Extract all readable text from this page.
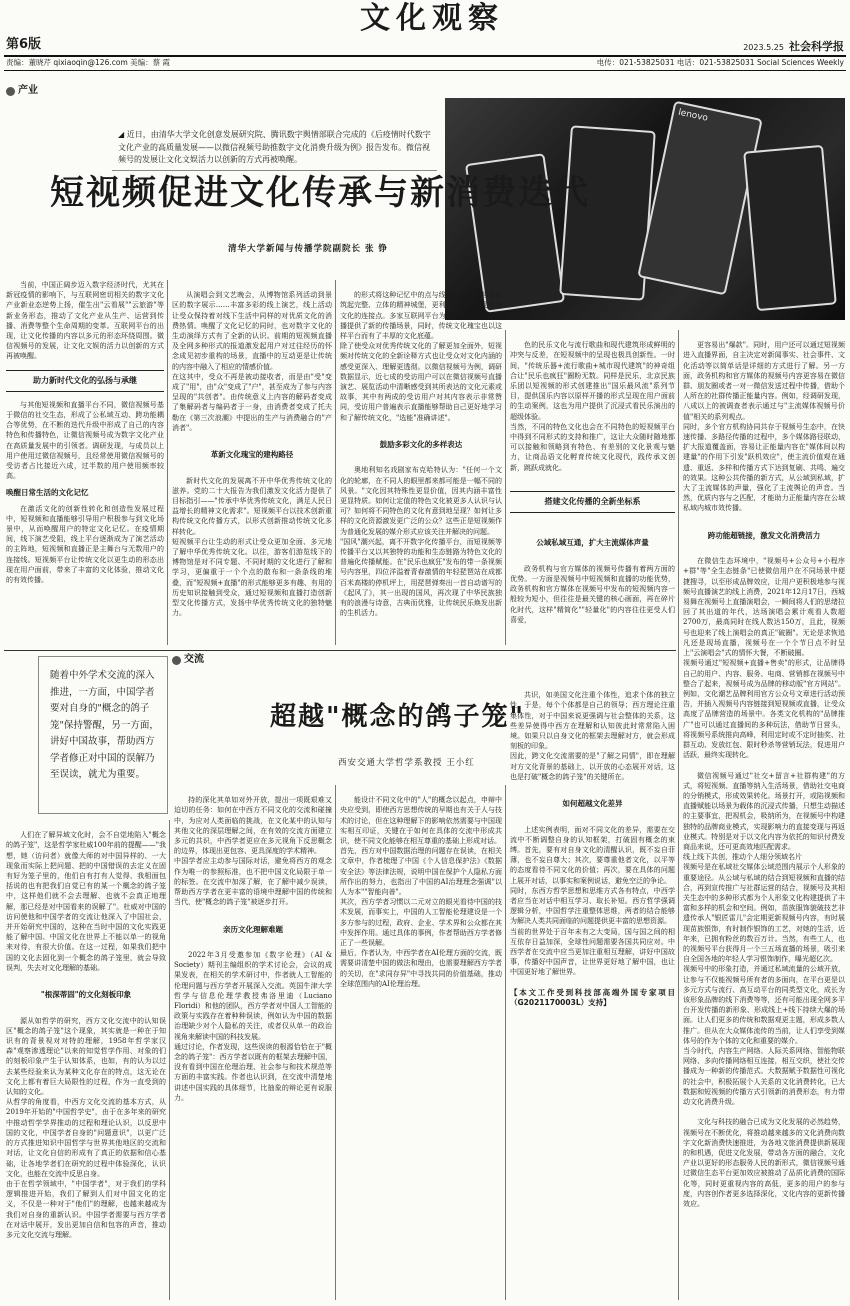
第6版
文化观察
2023.5.25 社会科学报
责编：董晓芹 qixiaoqin@126.com 美编：蔡 霞	电传：021-53825031 电话：021-53825031 Social Sciences Weekly
产业
◢ 近日，由清华大学文化创意发展研究院、腾讯数字舆情部联合完成的《后疫情时代数字文化产业的高质量发展——以微信视频号助推数字文化消费升级为例》报告发布。微信视频号的发展让文化文娱活力以创新的方式再被唤醒。
lenovo
短视频促进文化传承与新消费迭代
清华大学新闻与传播学院副院长 张 铮

当前，中国正阔步迈入数字经济时代，尤其在新冠疫情的影响下，与互联网密切相关的数字文化产业新业态逆势上扬，催生出"云看展""云旅游"等新业务形态，推动了文化产业从生产、运营到传播、消费等整个生命周期的变革。互联网平台的出现，让文化传播的内容以多元的形态环绕周围。微信视频号的发展，让文化文娱的活力以创新的方式再被唤醒。

助力新时代文化的弘扬与承继

与其他短视频和直播平台不同，微信视频号基于微信的社交生态，形成了公私域互动、跨功能耦合等优势，在不断的迭代升级中形成了自己的内容特色和传播特色，让微信视频号成为数字文化产业在高质量发展中的引领者。调研发现，与成员以上用户使用过微信视频号，且经常使用微信视频号的受访者占比接近六成，过半数的用户使用频率较高。

唤醒日常生活的文化记忆

在激活文化的创新性转化和创造性发展过程中，短视频和直播能够引导用户积极参与到文化场景中，从而唤醒用户的特定文化记忆。在疫情期间，线下演艺受阻，线上平台逐渐成为了演艺活动的主阵地，短视频和直播正是主舞台与无数用户的连接线。短视频平台让传统文化以更生动的形态出现在用户面前，带来了丰富的文化体验，推动文化的有效传播。

从演唱会到文艺晚会，从博物馆系列活动到景区的数字展示……丰富多彩的线上演艺，线上活动让受众保持着对线下生活中同样的对优质文化的消费热情。唤醒了文化记忆的同时，也对数字文化的生动演绎方式有了全新的认识。前期的短视频直播及全网多种形式的报道激发起用户对过往经历的怀念成见初步重构的场景，直播中的互动更是让传统的内容中融入了相应的情感价值。
在这其中，受众不再是被动接收者，而是由"受"变成了"用"，由"众"变成了"户"，甚至成为了参与内容呈现的"共创者"。由传统意义上内容的解码者变成了集解码者与编码者于一身，由消费者变成了托夫勒在《第三次浪潮》中提出的生产与消费融合的"产消者"。

革新文化瑰宝的建构路径

新时代文化的发展离不开中华优秀传统文化的滋养。党的二十大报告为我们激发文化活力提供了目标指引——"传承中华优秀传统文化，满足人民日益增长的精神文化需求"。短视频平台以技术创新重构传统文化传播方式，以形式创新推动传统文化多样转化。
短视频平台让生动的形式让受众更加全面、多元地了解中华优秀传统文化。以往，游客们游览线下的博物馆是对不同专题、不同时期的文化进行了解和学习，更偏重于一个个点的散布和一条条线的堆叠，而"短视频+直播"的形式能够更多有趣、有用的历史知识接触到受众，通过短视频和直播打造创新型文化传播方式，发扬中华优秀传统文化的独特魅力。

的形式将这种记忆中的点与线编织成网，甚至构筑起完整、立体的精神城堡，更利于建构一个受众与文化的连接点。多家互联网平台为传统文化主题的直播提供了新的传播场景，同时，传统文化瑰宝也以这样平台而有了丰厚的文化底蕴。
除了使受众对优秀传统文化的了解更加全面外，短视频对传统文化的全新诠释方式也让受众对文化内涵的感受更深入、理解更透彻。以微信视频号为例，调研数据显示，近七成的受访用户可以在微信视频号直播演艺、展览活动中清晰感受到其所表达的文化元素或故事，其中有两成的受访用户对其内容表示非常赞同，受访用户普遍表示直播能够帮助自己更好地学习和了解传统文化，"选能"准确讲述"。

鼓励多彩文化的多样表达

奥地利知名戏剧家布克哈特认为："任何一个文化的轮廓，在不同人的眼里都来都可能是一幅不同的风景。"文化因其特殊性更显价值，因其内涵丰富性更显特质。如何让定值的特色文化被更多人认识与认可？如何将不同特色的文化有意到地呈现？如何让多样的文化资源激发更广泛的公众？这些正是短视频作为普通化发展的媒介形式应该关注并解决的问题。
"国风"潮兴起，离不开数字化传播平台，而短视频等传播平台又以其独特的功能和生态链路为特色文化的普遍化传播赋能。在"民乐也疯狂"发布的带一条视频号内容里，四位洋溢着青春激情的年轻琵琶站在成都百米高楼的停机坪上，用琵琶弹奏出一首自动谱写的《起风了》，其一出现的国风，再次现了中华民族独有的浪漫与诗意，古典而优雅，让传统民乐焕发出新的生机活力。

色的民乐文化与流行歌曲和现代建筑形成鲜明的冲突与反差，在短视频中的呈现也极具创新性。一时间，"传统乐器+流行歌曲+城市现代建筑"的神奇组合让"民乐也疯狂"圈粉无数。同样是民乐，北京民族乐团以短视频的形式创建推出"国乐最风流"系列节目，提供国乐内容以原样开播的形式呈现在用户面前的生动案例，这也为用户提供了沉浸式看民乐演出的超级体验。
当然，不同的特色文化也会在不同特色的短视频平台中得到不同形式的支持和推广，这让大众随时随地都可以接触和领略到有特色、有差别的文化景观与魅力，让商品语文化孵育传统文化现代，践传承文创新，跳跃成就化。

搭建文化传播的全新坐标系

公域私域互通，扩大主流媒体声量

政务机构与官方媒体的视频号传播有着两方面的优势。一方面是视频号中短视频和直播的功能优势，政务机构和官方媒体在视频号中发布的短视频内容一般较为短小，但往往是最关键的核心画面，再在碎片化时代，这样"精简化""轻量化"的内容往往更受人们喜爱，

更容易出"爆款"。同时，用户还可以通过短视频进入直播界面，自主决定对新闻事实、社会事件、文化活动等以简单话是详细的方式进行了解。另一方面，政务机构和官方媒体的视频号内容更容易在微信群、朋友圈或者一对一微信发送过程中传播，借助个人所在的社群传播正能量内容。例如，经调研发现，八成以上的被调查者表示通过与"主流媒体视频号价值"相关的系列观点。
同时，多个官方机构协同共存于视频号生态中，在快速传播、多路径传播的过程中，多个媒体路径联动，扩大报道覆盖面，容易让正能量内容在"媒体间以构建量"的作用下引发"跃机效应"，使主流价值观在通遗、重返、多样和传播方式下达到复刷、共鸣、遍交的效果。这种公共传播的新方式，从公域到私域，扩大了主流媒体的声量，强化了主流舆论的声音。当然，优质内容与之匹配，才能助力正能量内容在公域私域内城市效传播。

跨功能超链接，激发文化消费活力

在微信生态环境中，"视频号+公众号+小程序+群"等"全生态链条"已使微信用户在不同场景中便捷搜寻，以至形成品牌效应，让用户更积极地参与视频号直播演艺的线上消费，2021年12月17日，西城易舞在视频号上直播演唱会，一瞬间将人们的思绪拉回了其出道的年代，达场演唱会累计观看人数超2700万，最高同时在线人数达150万，且此，视频号也迎来了线上演唱会的真正"破圈"。无论是求恢追凡还是现场直播，视频号在一个个节日点不时呈上"云演唱会"式的情怀大餐，不断破圈。
视频号通过"短视频+直播+售卖"的形式，让品牌得自己的用户、内容、服务、电商、营销都在视频号中整合了起来，视频号成为品牌的移动版"官方网站"。例如，文化潮艺品牌利用官方公众号文章进行活动预告，并插入视频号内容链接到短视频或直播，让受众高度了品牌营造的场景中。各类文化机构的"品牌推广"也可以通过直播间的多种玩法，借助节日营头，将视频号系统推向高峰，利用定时或不定时抽奖、社群互动、发放红包、限时秒杀等营销玩法，促进用户活跃，最终实现转化。

微信视频号通过"社交+留言+社群构建"的方式，将短视频、直播等纳入生活场景，借助社交电商的分销模式，形成效果转化。场景打开，或陷视频和直播赋能以场景为载体的沉浸式传播，只想生动描述的主要事宜，把视机会，吸纳所为，在视频号中构建独特的品牌商业模式，实现影响力的直接变现与再返业模式。特别是对于以文化内容为依托的知识付费发商品来说，还可更高效地匹配需求。
线上线下共创，推动个人细分领域名片
视频号是在私域社交媒体公域范围内展示个人形象的重要途径。从公域与私域的结合到短视频和直播的结合，再到宣传推广与社群运营的结合，视频号及其相关生态中的多种形式都为个人形象文化构建提供了丰富和多样的机会和空间。例如，苗族服饰貌破技艺非遗传承人"银匠雷儿"会定期更新视频号内容，有时展现苗族银饰，有时制作银饰的工艺，对她的生活，近年来，已拥有粉丝的数百万计。当然，有些工人，也的视频号平台获得月一个三五场直播的场景，吸引来自全国各地的年轻人学习银饰制作，曝光超亿次。
视频号中的形象打造，并通过私域流量的公域开放，让参与不仅能视频号所有者的多面向，在平台更是以多元方式与流行、高互动平台的同类型文化，成长为该形象品牌的线下消费等等，还有可能出现全网多平台开发传播的新形象、形成线上+线下持续大爆的场面。让人们更多的传统和数据观更主题，形成多数人推广。但从在大众媒体流传的当前，让人们享受到媒体号的作为个体的文化和重要的媒介。
当今时代，内容生产网络、人际关系网络、智能物联网络、多向传播网络相互连接，相互交织，使社交传播成为一种新的传播范式。大数据赋予数据性可视化的社会中，积极拓展个人关系的文化消费转化，已大数据和短视频的传播方式引领新的消费形态，有力带动文化消费升级。

文化与科技的融合已成为文化发展的必然趋势，视频号在不断优化，将推动越来越多的文化消费向数字文化新消费快速推进，为各地文旅消费提供新展现的和机遇，促进文化发展，带动各方面的融合，文化产业以更好的形态服务人民的新形式，微信视频号通过微信生态平台更加效应被推动了品质化消费的国际化等，同时更重视内容的高低，更多的用户的参与度，内容创作者更多选择深化，文化内容的更新传播效应。

交流
随着中外学术交流的深入推进，一方面，中国学者要对自身的"概念的鸽子笼"保持警醒，另一方面，讲好中国故事，帮助西方学者修正对中国的误解乃至误读，就尤为重要。
超越"概念的鸽子笼"
西安交通大学哲学系教授 王小红

人们在了解异域文化时，会不自觉地陷入"概念的鸽子笼"，这是哲学家杜威100年前的提醒——"我想，她（访问者）就像大师的对中国异样的、一大现象而实际上把问题、把的中国错误的去定义在固有好为笼子里的，他们自有打有人觉得、我相面包括说的也有把我们自觉已有的某一个概念的鸽子笼中，这样他们就不会去理解、也就不会真正地理解，那已经是对中国看来的误解了"。杜威对中国的访问使他和中国学者的交流让他深入了中国社会，并开始研究中国的，这种在当时中国的文化实践更能了解中国、中国文化在世界上不能以单一的视角来对待，有很大价值。在这一过程，如果我们把中国的文化去固化到一个概念的鸽子笼里，就会导致误判，失去对文化理解的基础。

"根深蒂固"的文化刻板印象

源从如哲学的研究，西方文化交流中的认知误区"概念的鸽子笼"这个现象，其实就是一种在于知识有的背景视对对特的理解，1958年哲学家汉森"观察渗透理论"以来的知觉哲学作用、对象的们的刻板印象产生于认知体系，也如，有的认为以过去某些经验来认为某种文化存在的特点，这无论在文化上都有着巨大局限性的过程，作为一直受到的认知的文化。
从哲学的角度看，中西方文化交流的基本方式，从2019年开始的"中国哲学史"，由于在多年来的研究中推动哲学学界推动的过程和理论认识，以反思中国的文化，中国学者自身的"问题意识"，以更广泛的方式推进知识中国哲学与世界其他地区的交流和对话，让文化自信的形成有了真正的依据和信心基础，让各地学者们在研究的过程中体验深化，认识文化，也能在交流中反思自身。
由于在哲学领域中，"中国学者"，对于我们的学科逻辑推进开始，我们了解到人们对中国文化的定义，不仅是一种对于"他们"的理解，也越来越成为我们对自身的重新认识。中国学者需要与西方学者在对话中展开，发出更加自信和包容的声音，推动多元文化交流与理解。

持的深化其单如对外开放，提出一项既艰难又迫切的任务：如何在中西方不同文化的交流和碰撞中，为应对人类面临的挑战，在文化某中的认知与其他文化的深层理解之间，在有效的交流方面建立多元的共识，中西学者更应在多元视角下反思概念的边界，体现出更包容、更具深度的学术精神。
中国学者应主动参与国际对话，避免将西方的观念作为唯一的参照标准，也不把中国文化局限于单一的标签。在交流中加深了解，在了解中减少误读，帮助西方学者在更丰富的语境中理解中国的传统和当代，使"概念的鸽子笼"被逐步打开。

亲历文化理解难题

2022年3月受邀参加《数字伦理》（AI & Society）期刊主编组织的学术讨论会，会议的成果发表，在相关的学术研讨中，作者就人工智能的伦理问题与西方学者开展深入交流。英国牛津大学哲学与信息伦理学教授弗洛里迪（Luciano Floridi）和他的团队，西方学者对中国人工智能的政策与实践存在着种种误读，例如认为中国的数据治理缺少对个人隐私的关注，或者仅从单一的政治视角来解读中国的科技发展。
通过讨论，作者发现，这些误读的根源恰恰在于"概念的鸽子笼"：西方学者以既有的框架去理解中国，没有看到中国在伦理治理、社会参与和技术规范等方面的丰富实践。作者也认识到，在交流中清楚地讲述中国实践的具体细节，比抽象的辩论更有说服力。

能设计不同文化中的"人"的概念以起点，申辩中央应受到，即使西方思想传统的早期也有关于人与技术的讨论，但在这种理解下的影响依然需要与中国现实相互印证，关键在于如何在具体的交流中形成共识，使不同文化能够在相互尊重的基础上形成对话。
首先，西方对中国数据治理的问题存在误读，在相关文章中，作者梳理了中国《个人信息保护法》《数据安全法》等法律法规，说明中国在保护个人隐私方面所作出的努力，也指出了中国的AI治理理念强调"以人为本""智能向善"。
其次，西方学者习惯以二元对立的眼光看待中国的技术发展，而事实上，中国的人工智能伦理建设是一个多方参与的过程，政府、企业、学术界和公众都在其中发挥作用。通过具体的事例，作者帮助西方学者修正了一些误解。
最后，作者认为，中西学者在AI伦理方面的交流，既需要讲清楚中国的做法和理由，也需要理解西方学者的关切，在"求同存异"中寻找共同的价值基础，推动全球范围内的AI伦理治理。

共识，如美国文化注重个体性，追求个体的独立性，于是，每个个体都是自己的领导；西方理论注重集体性，对于中国来说更强调与社会整体的关系，这些差异使得中西方在理解和认知彼此时常常陷入困境。如果只以自身文化的框架去理解对方，就会形成刻板的印象。
因此，跨文化交流需要的是"了解之同情"，即在理解对方文化背景的基础上，以开放的心态展开对话，这也是打破"概念的鸽子笼"的关键所在。

如何超越文化差异

上述实例表明，面对不同文化的差异，需要在交流中不断调整自身的认知框架，打破固有概念的束缚。首先，要有对自身文化的清醒认识，既不妄自菲薄，也不妄自尊大；其次，要尊重他者文化，以平等的态度看待不同文化的价值；再次，要在具体的问题上展开对话，以事实和案例说话，避免空泛的争论。
同时，东西方哲学思想和思维方式各有特点，中西学者应当在对话中相互学习、取长补短。西方哲学强调逻辑分析，中国哲学注重整体思维，两者的结合能够为解决人类共同面临的问题提供更丰富的思想资源。
当前的世界处于百年未有之大变局，国与国之间的相互依存日益加深，全球性问题需要各国共同应对。中西学者在交流中应当更加注重相互理解，讲好中国故事，传播好中国声音，让世界更好地了解中国，也让中国更好地了解世界。

【本文工作受到科技部高端外国专家项目（G2021170003L）支持】
